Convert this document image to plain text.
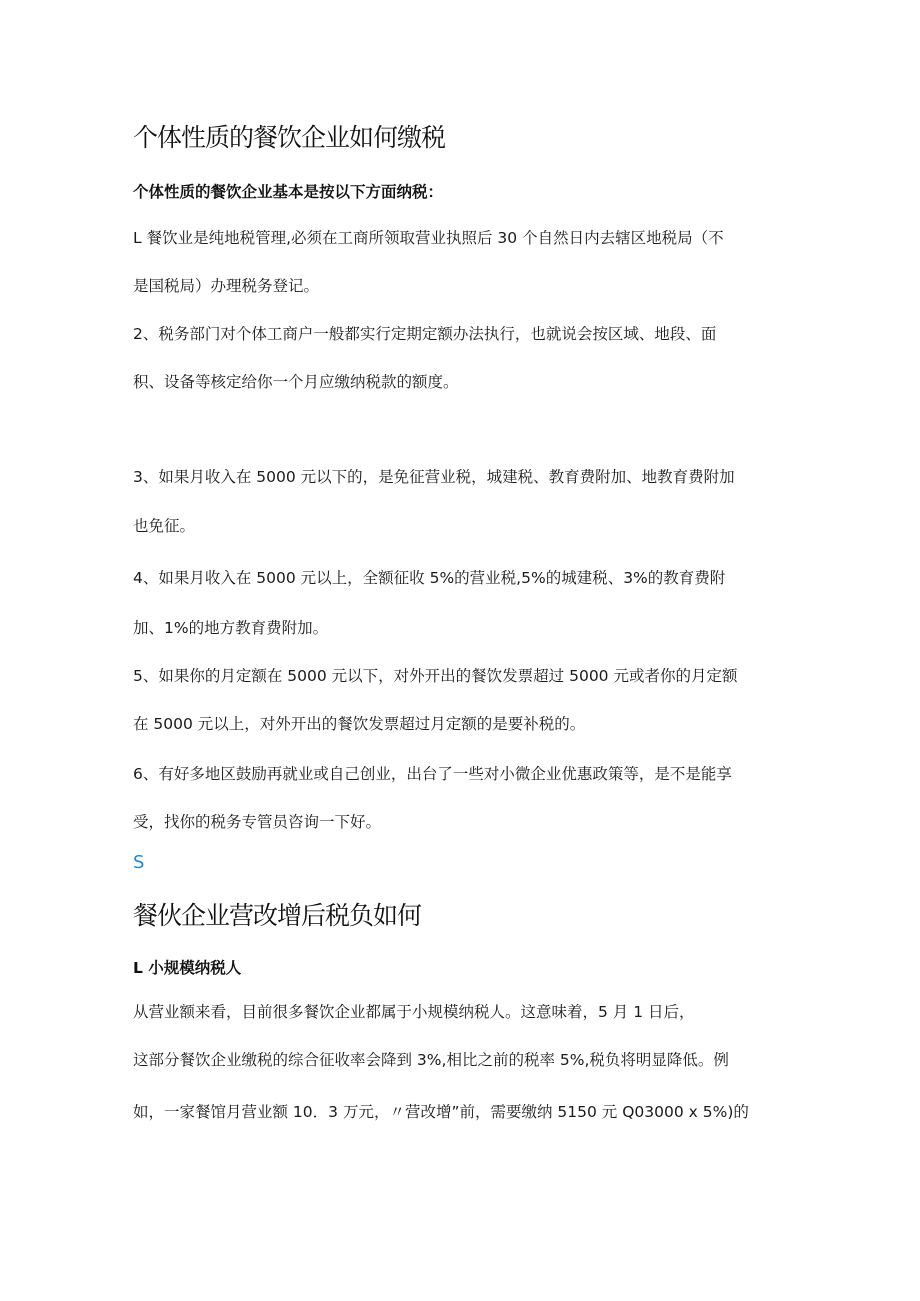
个体性质的餐饮企业如何缴税

个体性质的餐饮企业基本是按以下方面纳税：

L 餐饮业是纯地税管理,必须在工商所领取营业执照后 30 个自然日内去辖区地税局（不

是国税局）办理税务登记。

2、税务部门对个体工商户一般都实行定期定额办法执行，也就说会按区域、地段、面

积、设备等核定给你一个月应缴纳税款的额度。

3、如果月收入在 5000 元以下的，是免征营业税，城建税、教育费附加、地教育费附加

也免征。

4、如果月收入在 5000 元以上，全额征收 5%的营业税,5%的城建税、3%的教育费附

加、1%的地方教育费附加。

5、如果你的月定额在 5000 元以下，对外开出的餐饮发票超过 5000 元或者你的月定额

在 5000 元以上，对外开出的餐饮发票超过月定额的是要补税的。

6、有好多地区鼓励再就业或自己创业，出台了一些对小微企业优惠政策等，是不是能享

受，找你的税务专管员咨询一下好。

S

餐伙企业营改增后税负如何

L 小规模纳税人

从营业额来看，目前很多餐饮企业都属于小规模纳税人。这意味着，5 月 1 日后，

这部分餐饮企业缴税的综合征收率会降到 3%,相比之前的税率 5%,税负将明显降低。例

如，一家餐馆月营业额 10．3 万元，〃营改增”前，需要缴纳 5150 元 Q03000 x 5%)的
